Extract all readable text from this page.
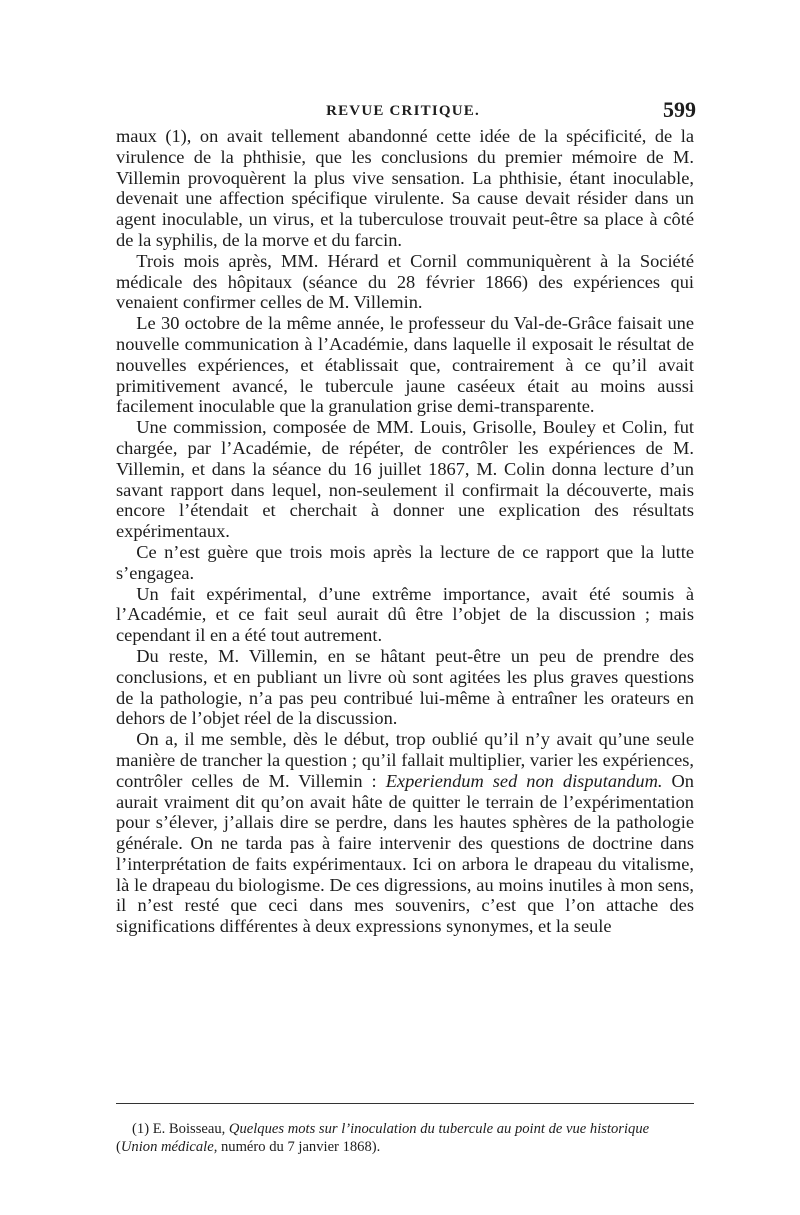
REVUE CRITIQUE.	599

maux (1), on avait tellement abandonné cette idée de la spécificité, de la virulence de la phthisie, que les conclusions du premier mémoire de M. Villemin provoquèrent la plus vive sensation. La phthisie, étant inoculable, devenait une affection spécifique virulente. Sa cause devait résider dans un agent inoculable, un virus, et la tuberculose trouvait peut-être sa place à côté de la syphilis, de la morve et du farcin.

Trois mois après, MM. Hérard et Cornil communiquèrent à la Société médicale des hôpitaux (séance du 28 février 1866) des expériences qui venaient confirmer celles de M. Villemin.

Le 30 octobre de la même année, le professeur du Val-de-Grâce faisait une nouvelle communication à l’Académie, dans laquelle il exposait le résultat de nouvelles expériences, et établissait que, contrairement à ce qu’il avait primitivement avancé, le tubercule jaune caséeux était au moins aussi facilement inoculable que la granulation grise demi-transparente.

Une commission, composée de MM. Louis, Grisolle, Bouley et Colin, fut chargée, par l’Académie, de répéter, de contrôler les expériences de M. Villemin, et dans la séance du 16 juillet 1867, M. Colin donna lecture d’un savant rapport dans lequel, non-seulement il confirmait la découverte, mais encore l’étendait et cherchait à donner une explication des résultats expérimentaux.

Ce n’est guère que trois mois après la lecture de ce rapport que la lutte s’engagea.

Un fait expérimental, d’une extrême importance, avait été soumis à l’Académie, et ce fait seul aurait dû être l’objet de la discussion ; mais cependant il en a été tout autrement.

Du reste, M. Villemin, en se hâtant peut-être un peu de prendre des conclusions, et en publiant un livre où sont agitées les plus graves questions de la pathologie, n’a pas peu contribué lui-même à entraîner les orateurs en dehors de l’objet réel de la discussion.

On a, il me semble, dès le début, trop oublié qu’il n’y avait qu’une seule manière de trancher la question ; qu’il fallait multiplier, varier les expériences, contrôler celles de M. Villemin : Experiendum sed non disputandum. On aurait vraiment dit qu’on avait hâte de quitter le terrain de l’expérimentation pour s’élever, j’allais dire se perdre, dans les hautes sphères de la pathologie générale. On ne tarda pas à faire intervenir des questions de doctrine dans l’interprétation de faits expérimentaux. Ici on arbora le drapeau du vitalisme, là le drapeau du biologisme. De ces digressions, au moins inutiles à mon sens, il n’est resté que ceci dans mes souvenirs, c’est que l’on attache des significations différentes à deux expressions synonymes, et la seule

(1) E. Boisseau, Quelques mots sur l’inoculation du tubercule au point de vue historique (Union médicale, numéro du 7 janvier 1868).
